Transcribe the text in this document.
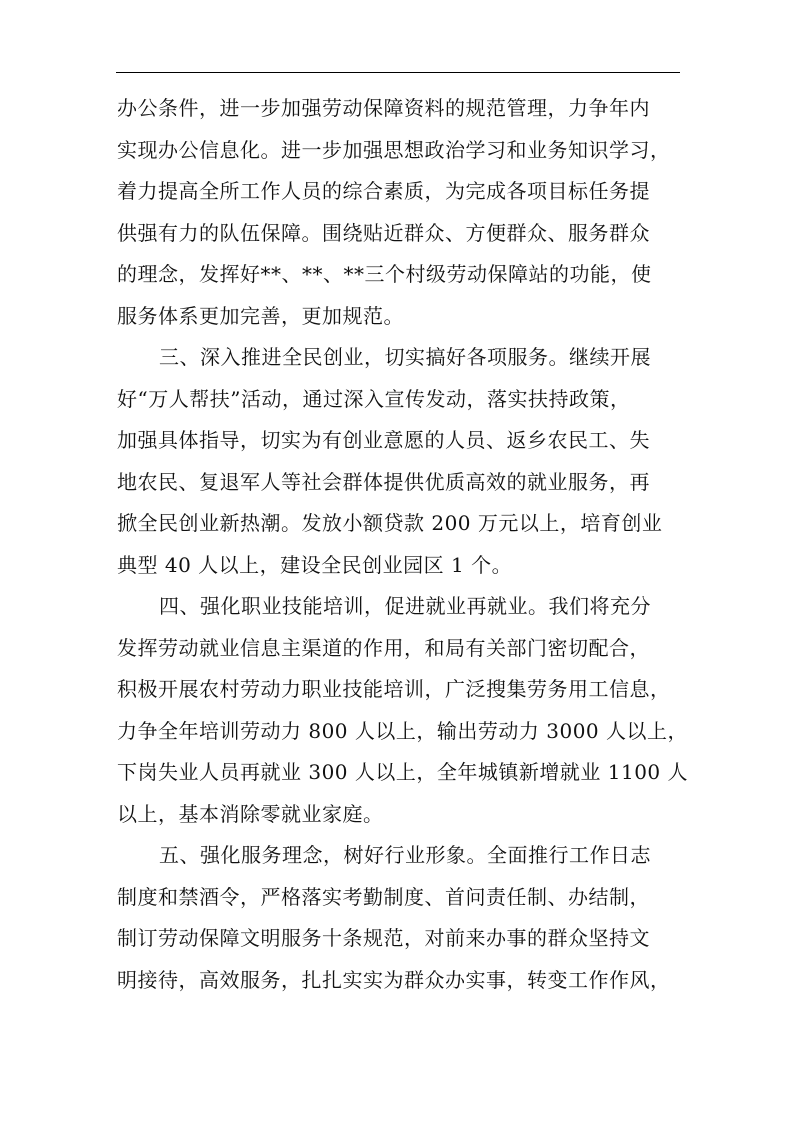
办公条件，进一步加强劳动保障资料的规范管理，力争年内
实现办公信息化。进一步加强思想政治学习和业务知识学习，
着力提高全所工作人员的综合素质，为完成各项目标任务提
供强有力的队伍保障。围绕贴近群众、方便群众、服务群众
的理念，发挥好**、**、**三个村级劳动保障站的功能，使
服务体系更加完善，更加规范。
三、深入推进全民创业，切实搞好各项服务。继续开展
好“万人帮扶”活动，通过深入宣传发动，落实扶持政策，
加强具体指导，切实为有创业意愿的人员、返乡农民工、失
地农民、复退军人等社会群体提供优质高效的就业服务，再
掀全民创业新热潮。发放小额贷款 200 万元以上，培育创业
典型 40 人以上，建设全民创业园区 1 个。
四、强化职业技能培训，促进就业再就业。我们将充分
发挥劳动就业信息主渠道的作用，和局有关部门密切配合，
积极开展农村劳动力职业技能培训，广泛搜集劳务用工信息，
力争全年培训劳动力 800 人以上，输出劳动力 3000 人以上，
下岗失业人员再就业 300 人以上，全年城镇新增就业 1100 人
以上，基本消除零就业家庭。
五、强化服务理念，树好行业形象。全面推行工作日志
制度和禁酒令，严格落实考勤制度、首问责任制、办结制，
制订劳动保障文明服务十条规范，对前来办事的群众坚持文
明接待，高效服务，扎扎实实为群众办实事，转变工作作风，
